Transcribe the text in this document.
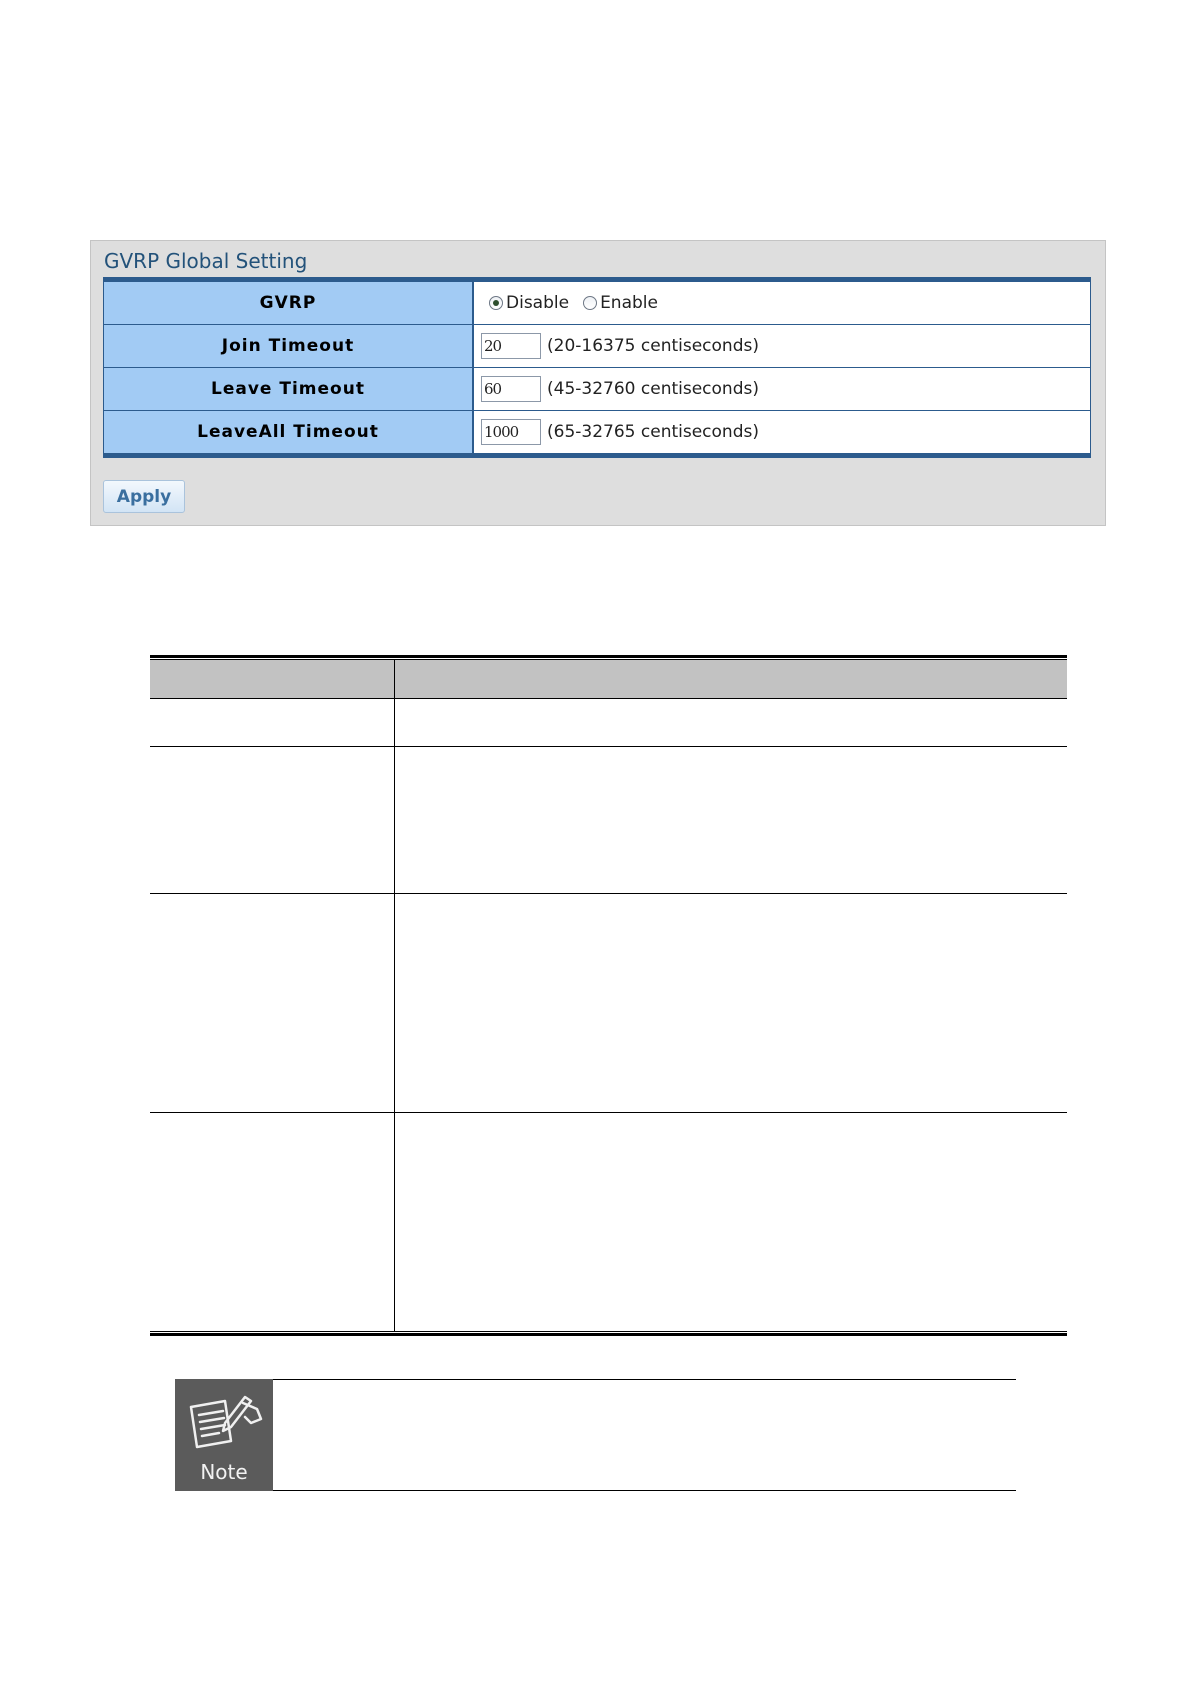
GVRP Global Setting
GVRP	Disable Enable
Join Timeout	20	(20-16375 centiseconds)
Leave Timeout	60	(45-32760 centiseconds)
LeaveAll Timeout	1000	(65-32765 centiseconds)
Apply
Note
